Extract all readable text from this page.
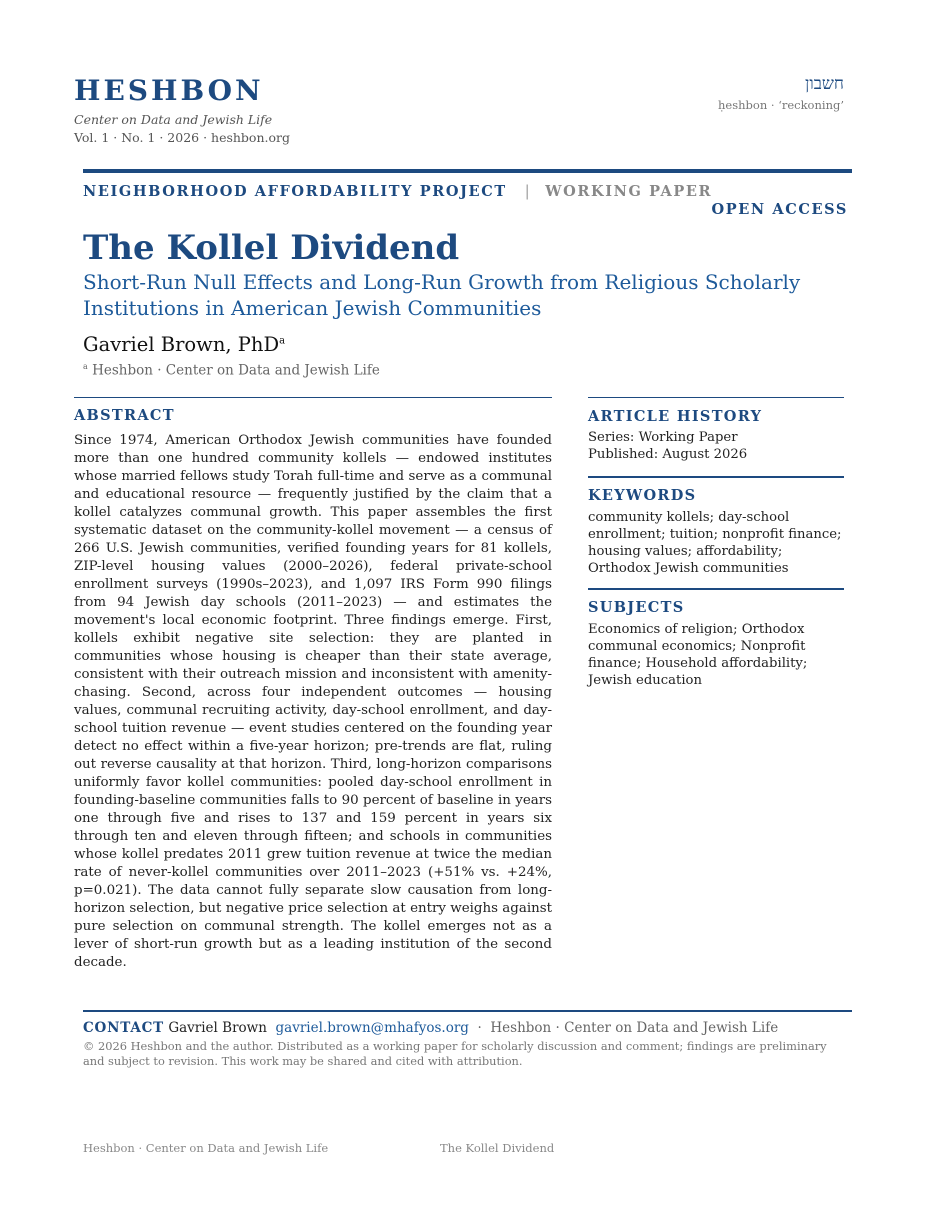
HESHBON
Center on Data and Jewish Life
Vol. 1 · No. 1 · 2026 · heshbon.org
חשבון
ḥeshbon · ‘reckoning’
NEIGHBORHOOD AFFORDABILITY PROJECT | WORKING PAPER
OPEN ACCESS
The Kollel Dividend
Short-Run Null Effects and Long-Run Growth from Religious Scholarly Institutions in American Jewish Communities
Gavriel Brown, PhD$^a$
$^a$ Heshbon · Center on Data and Jewish Life
ABSTRACT
Since 1974, American Orthodox Jewish communities have founded more than one hundred community kollels — endowed institutes whose married fellows study Torah full-time and serve as a communal and educational resource — frequently justified by the claim that a kollel catalyzes communal growth. This paper assembles the first systematic dataset on the community-kollel movement — a census of 266 U.S. Jewish communities, verified founding years for 81 kollels, ZIP-level housing values (2000–2026), federal private-school enrollment surveys (1990s–2023), and 1,097 IRS Form 990 filings from 94 Jewish day schools (2011–2023) — and estimates the movement's local economic footprint. Three findings emerge. First, kollels exhibit negative site selection: they are planted in communities whose housing is cheaper than their state average, consistent with their outreach mission and inconsistent with amenity-chasing. Second, across four independent outcomes — housing values, communal recruiting activity, day-school enrollment, and day-school tuition revenue — event studies centered on the founding year detect no effect within a five-year horizon; pre-trends are flat, ruling out reverse causality at that horizon. Third, long-horizon comparisons uniformly favor kollel communities: pooled day-school enrollment in founding-baseline communities falls to 90 percent of baseline in years one through five and rises to 137 and 159 percent in years six through ten and eleven through fifteen; and schools in communities whose kollel predates 2011 grew tuition revenue at twice the median rate of never-kollel communities over 2011–2023 (+51% vs. +24%, p=0.021). The data cannot fully separate slow causation from long-horizon selection, but negative price selection at entry weighs against pure selection on communal strength. The kollel emerges not as a lever of short-run growth but as a leading institution of the second decade.
ARTICLE HISTORY

Series: Working Paper

Published: August 2026

KEYWORDS

community kollels; day-school enrollment; tuition; nonprofit finance; housing values; affordability; Orthodox Jewish communities

SUBJECTS

Economics of religion; Orthodox communal economics; Nonprofit finance; Household affordability; Jewish education

CONTACT Gavriel Brown gavriel.brown@mhafyos.org · Heshbon · Center on Data and Jewish Life
© 2026 Heshbon and the author. Distributed as a working paper for scholarly discussion and comment; findings are preliminary and subject to revision. This work may be shared and cited with attribution.
Heshbon · Center on Data and Jewish Life	The Kollel Dividend
